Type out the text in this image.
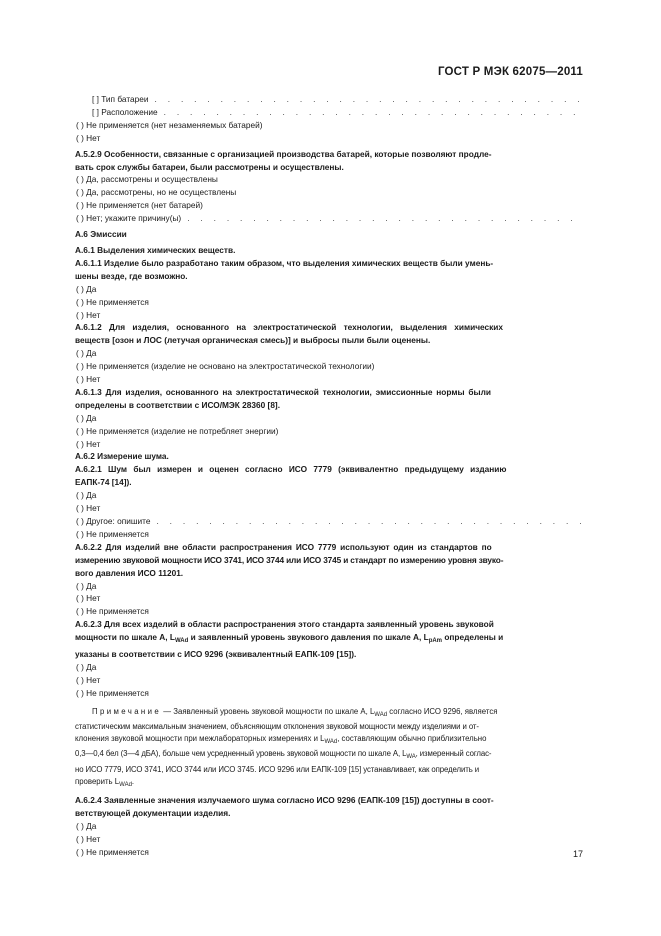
ГОСТ Р МЭК 62075—2011
[ ] Тип батареи
. . .
[ ] Расположение
. . .
( ) Не применяется (нет незаменяемых батарей)
( ) Нет
А.5.2.9 Особенности, связанные с организацией производства батарей, которые позволяют продле-
вать срок службы батареи, были рассмотрены и осуществлены.
( ) Да, рассмотрены и осуществлены
( ) Да, рассмотрены, но не осуществлены
( ) Не применяется (нет батарей)
( ) Нет; укажите причину(ы)
. . .
А.6 Эмиссии
А.6.1 Выделения химических веществ.
А.6.1.1 Изделие было разработано таким образом, что выделения химических веществ были умень-
шены везде, где возможно.
( ) Да
( ) Не применяется
( ) Нет
А.6.1.2 Для изделия, основанного на электростатической технологии, выделения химических
веществ [озон и ЛОС (летучая органическая смесь)] и выбросы пыли были оценены.
( ) Да
( ) Не применяется (изделие не основано на электростатической технологии)
( ) Нет
А.6.1.3 Для изделия, основанного на электростатической технологии, эмиссионные нормы были
определены в соответствии с ИСО/МЭК 28360 [8].
( ) Да
( ) Не применяется (изделие не потребляет энергии)
( ) Нет
А.6.2 Измерение шума.
А.6.2.1 Шум был измерен и оценен согласно ИСО 7779 (эквивалентно предыдущему изданию
ЕАПК-74 [14]).
( ) Да
( ) Нет
( ) Другое: опишите
. . .
( ) Не применяется
А.6.2.2 Для изделий вне области распространения ИСО 7779 используют один из стандартов по
измерению звуковой мощности ИСО 3741, ИСО 3744 или ИСО 3745 и стандарт по измерению уровня звуко-
вого давления ИСО 11201.
( ) Да
( ) Нет
( ) Не применяется
А.6.2.3 Для всех изделий в области распространения этого стандарта заявленный уровень звуковой
мощности по шкале А, $L_{WAd}$ и заявленный уровень звукового давления по шкале А, $L_{pAm}$ определены и
указаны в соответствии с ИСО 9296 (эквивалентный ЕАПК-109 [15]).
( ) Да
( ) Нет
( ) Не применяется
Примечание — Заявленный уровень звуковой мощности по шкале А, $L_{WAd}$ согласно ИСО 9296, является
статистическим максимальным значением, объясняющим отклонения звуковой мощности между изделиями и от-
клонения звуковой мощности при межлабораторных измерениях и $L_{WAd}$, составляющим обычно приблизительно
0,3—0,4 бел (3—4 дБА), больше чем усредненный уровень звуковой мощности по шкале А, $L_{WA}$, измеренный соглас-
но ИСО 7779, ИСО 3741, ИСО 3744 или ИСО 3745. ИСО 9296 или ЕАПК-109 [15] устанавливает, как определить и
проверить $L_{WAd}$.
А.6.2.4 Заявленные значения излучаемого шума согласно ИСО 9296 (ЕАПК-109 [15]) доступны в соот-
ветствующей документации изделия.
( ) Да
( ) Нет
( ) Не применяется	17
